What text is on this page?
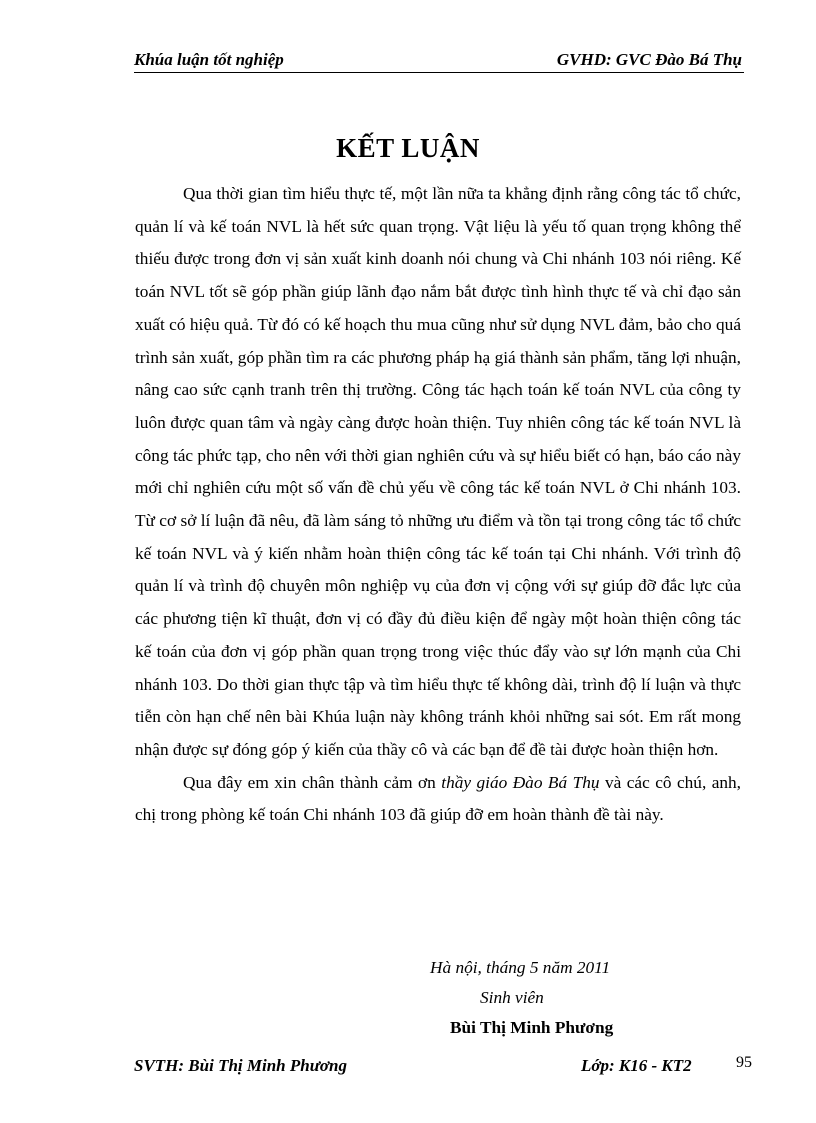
Khúa luận tốt nghiệp	GVHD: GVC Đào Bá Thụ
KẾT LUẬN

Qua thời gian tìm hiểu thực tế, một lần nữa ta khẳng định rằng công tác tổ chức, quản lí và kế toán NVL là hết sức quan trọng. Vật liệu là yếu tố quan trọng không thể thiếu được trong đơn vị sản xuất kinh doanh nói chung và Chi nhánh 103 nói riêng. Kế toán NVL tốt sẽ góp phần giúp lãnh đạo nắm bắt được tình hình thực tế và chỉ đạo sản xuất có hiệu quả. Từ đó có kế hoạch thu mua cũng như sử dụng NVL đảm, bảo cho quá trình sản xuất, góp phần tìm ra các phương pháp hạ giá thành sản phẩm, tăng lợi nhuận, nâng cao sức cạnh tranh trên thị trường. Công tác hạch toán kế toán NVL của công ty luôn được quan tâm và ngày càng được hoàn thiện. Tuy nhiên công tác kế toán NVL là công tác phức tạp, cho nên với thời gian nghiên cứu và sự hiểu biết có hạn, báo cáo này mới chỉ nghiên cứu một số vấn đề chủ yếu về công tác kế toán NVL ở Chi nhánh 103. Từ cơ sở lí luận đã nêu, đã làm sáng tỏ những ưu điểm và tồn tại trong công tác tổ chức kế toán NVL và ý kiến nhằm hoàn thiện công tác kế toán tại Chi nhánh. Với trình độ quản lí và trình độ chuyên môn nghiệp vụ của đơn vị cộng với sự giúp đỡ đắc lực của các phương tiện kĩ thuật, đơn vị có đầy đủ điều kiện để ngày một hoàn thiện công tác kế toán của đơn vị góp phần quan trọng trong việc thúc đẩy vào sự lớn mạnh của Chi nhánh 103. Do thời gian thực tập và tìm hiểu thực tế không dài, trình độ lí luận và thực tiễn còn hạn chế nên bài Khúa luận này không tránh khỏi những sai sót. Em rất mong nhận được sự đóng góp ý kiến của thầy cô và các bạn để đề tài được hoàn thiện hơn.

Qua đây em xin chân thành cảm ơn thầy giáo Đào Bá Thụ và các cô chú, anh, chị trong phòng kế toán Chi nhánh 103 đã giúp đỡ em hoàn thành đề tài này.

Hà nội, tháng 5 năm 2011
Sinh viên
Bùi Thị Minh Phương
SVTH: Bùi Thị Minh Phương	Lớp: K16 - KT2	95
